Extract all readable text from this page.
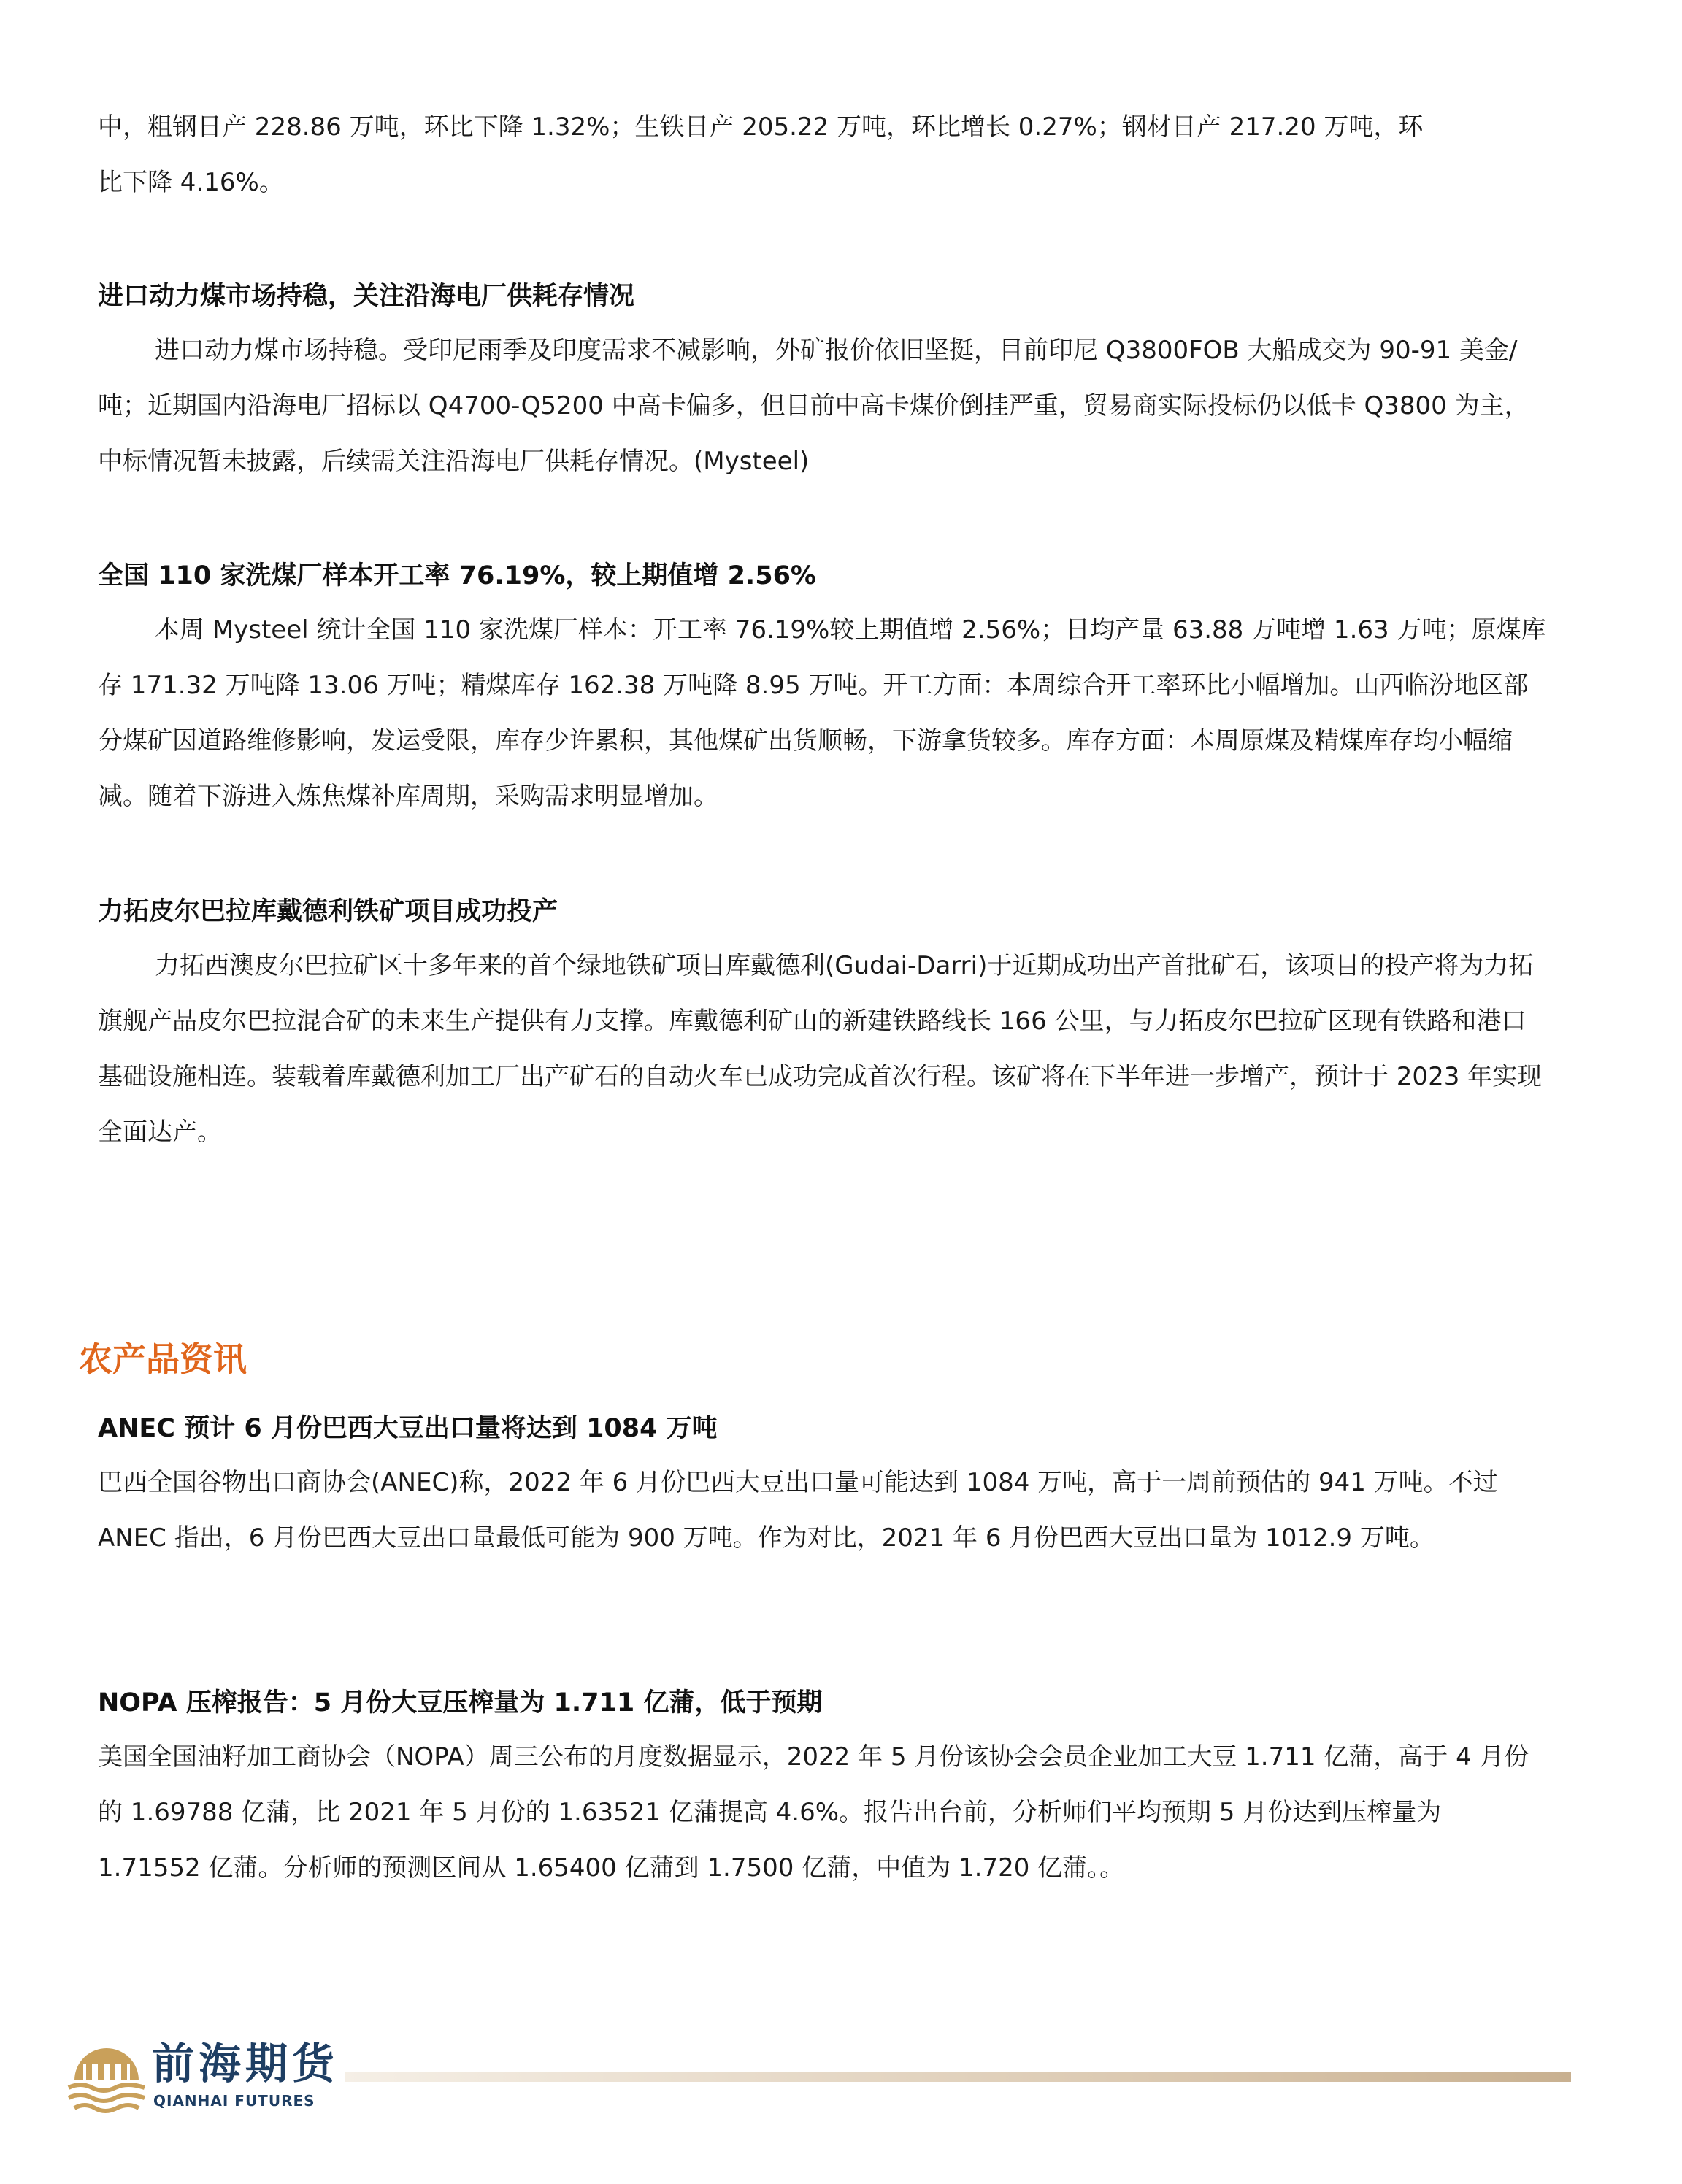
中，粗钢日产 228.86 万吨，环比下降 1.32%；生铁日产 205.22 万吨，环比增长 0.27%；钢材日产 217.20 万吨，环

比下降 4.16%。

进口动力煤市场持稳，关注沿海电厂供耗存情况

进口动力煤市场持稳。受印尼雨季及印度需求不减影响，外矿报价依旧坚挺，目前印尼 Q3800FOB 大船成交为 90-91 美金/吨；近期国内沿海电厂招标以 Q4700-Q5200 中高卡偏多，但目前中高卡煤价倒挂严重，贸易商实际投标仍以低卡 Q3800 为主，中标情况暂未披露，后续需关注沿海电厂供耗存情况。(Mysteel)

全国 110 家洗煤厂样本开工率 76.19%，较上期值增 2.56%

本周 Mysteel 统计全国 110 家洗煤厂样本：开工率 76.19%较上期值增 2.56%；日均产量 63.88 万吨增 1.63 万吨；原煤库存 171.32 万吨降 13.06 万吨；精煤库存 162.38 万吨降 8.95 万吨。开工方面：本周综合开工率环比小幅增加。山西临汾地区部分煤矿因道路维修影响，发运受限，库存少许累积，其他煤矿出货顺畅，下游拿货较多。库存方面：本周原煤及精煤库存均小幅缩减。随着下游进入炼焦煤补库周期，采购需求明显增加。

力拓皮尔巴拉库戴德利铁矿项目成功投产

力拓西澳皮尔巴拉矿区十多年来的首个绿地铁矿项目库戴德利(Gudai-Darri)于近期成功出产首批矿石，该项目的投产将为力拓旗舰产品皮尔巴拉混合矿的未来生产提供有力支撑。库戴德利矿山的新建铁路线长 166 公里，与力拓皮尔巴拉矿区现有铁路和港口基础设施相连。装载着库戴德利加工厂出产矿石的自动火车已成功完成首次行程。该矿将在下半年进一步增产，预计于 2023 年实现全面达产。

农产品资讯

ANEC 预计 6 月份巴西大豆出口量将达到 1084 万吨

巴西全国谷物出口商协会(ANEC)称，2022 年 6 月份巴西大豆出口量可能达到 1084 万吨，高于一周前预估的 941 万吨。不过 ANEC 指出，6 月份巴西大豆出口量最低可能为 900 万吨。作为对比，2021 年 6 月份巴西大豆出口量为 1012.9 万吨。

NOPA 压榨报告：5 月份大豆压榨量为 1.711 亿蒲，低于预期

美国全国油籽加工商协会（NOPA）周三公布的月度数据显示，2022 年 5 月份该协会会员企业加工大豆 1.711 亿蒲，高于 4 月份的 1.69788 亿蒲，比 2021 年 5 月份的 1.63521 亿蒲提高 4.6%。报告出台前，分析师们平均预期 5 月份达到压榨量为 1.71552 亿蒲。分析师的预测区间从 1.65400 亿蒲到 1.7500 亿蒲，中值为 1.720 亿蒲。。

前海期货
QIANHAI FUTURES
